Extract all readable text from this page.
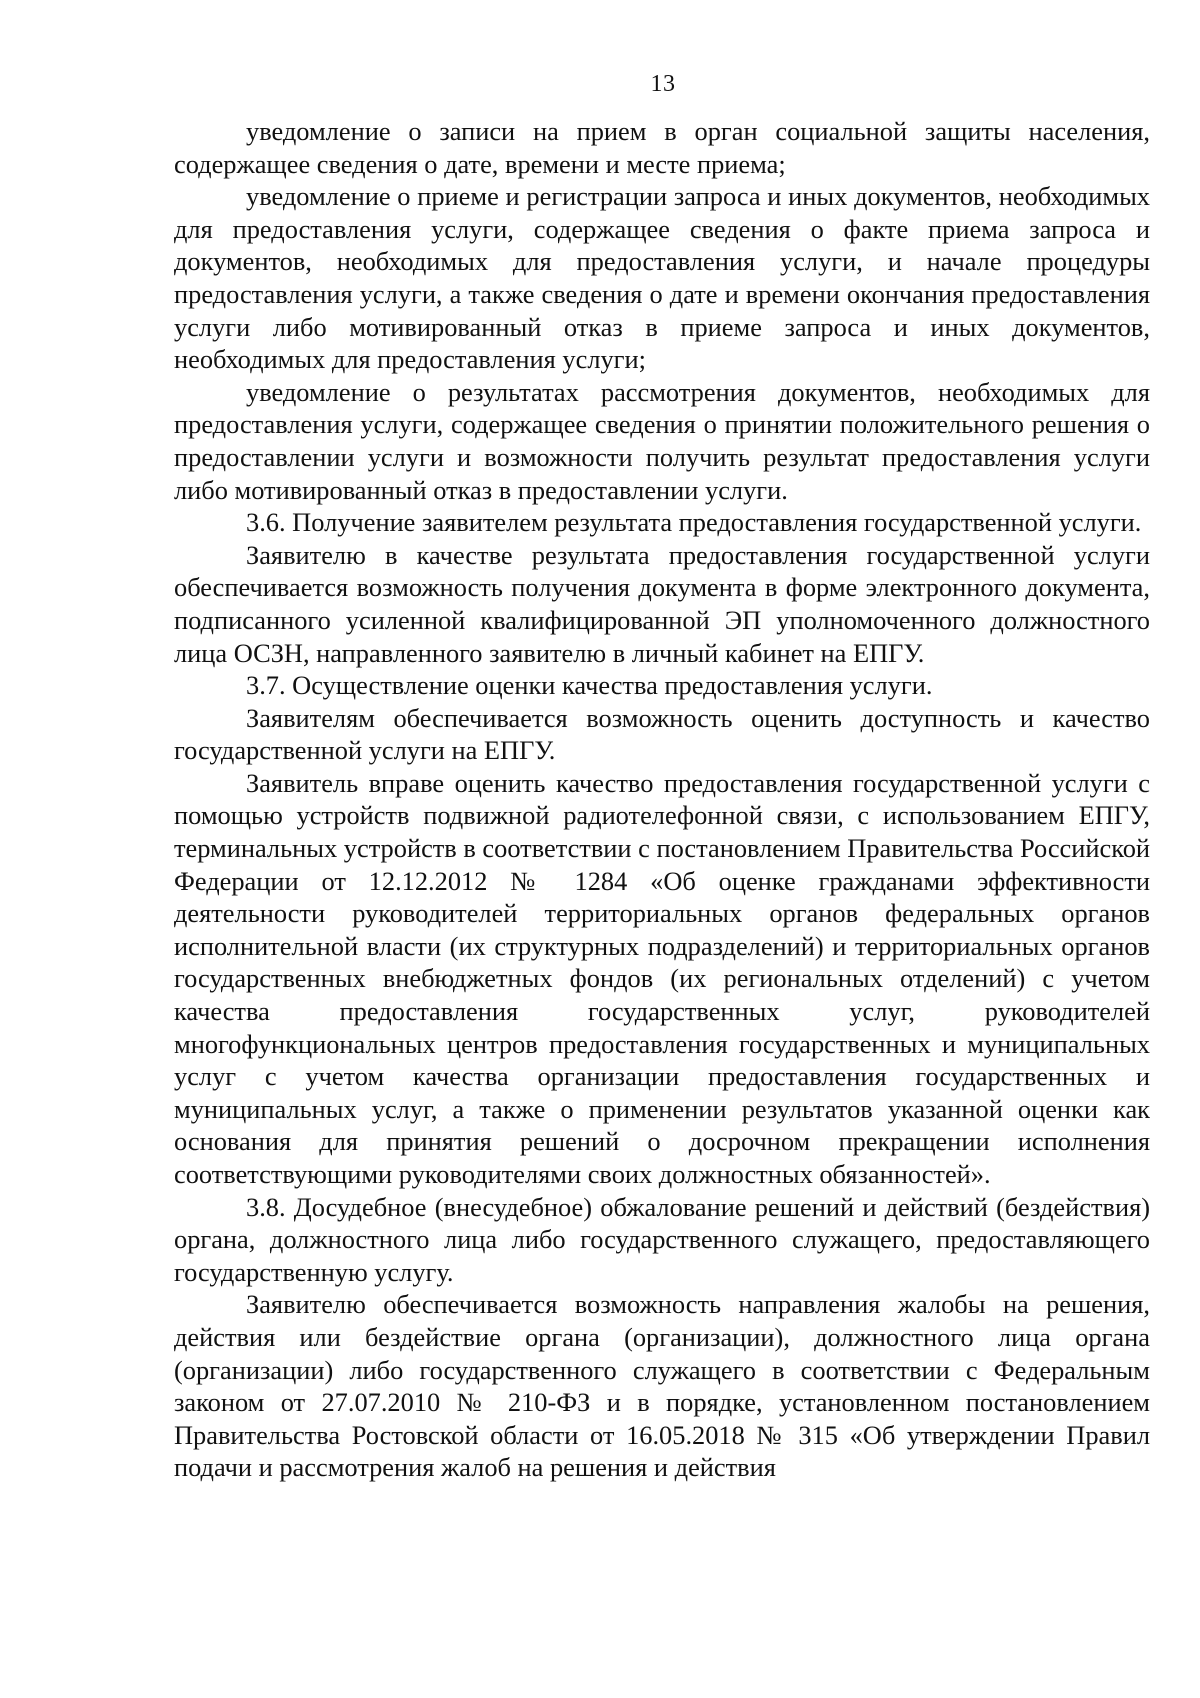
13

уведомление о записи на прием в орган социальной защиты населения, содержащее сведения о дате, времени и месте приема;

уведомление о приеме и регистрации запроса и иных документов, необходимых для предоставления услуги, содержащее сведения о факте приема запроса и документов, необходимых для предоставления услуги, и начале процедуры предоставления услуги, а также сведения о дате и времени окончания предоставления услуги либо мотивированный отказ в приеме запроса и иных документов, необходимых для предоставления услуги;

уведомление о результатах рассмотрения документов, необходимых для предоставления услуги, содержащее сведения о принятии положительного решения о предоставлении услуги и возможности получить результат предоставления услуги либо мотивированный отказ в предоставлении услуги.

3.6. Получение заявителем результата предоставления государственной услуги.

Заявителю в качестве результата предоставления государственной услуги обеспечивается возможность получения документа в форме электронного документа, подписанного усиленной квалифицированной ЭП уполномоченного должностного лица ОСЗН, направленного заявителю в личный кабинет на ЕПГУ.

3.7. Осуществление оценки качества предоставления услуги.

Заявителям обеспечивается возможность оценить доступность и качество государственной услуги на ЕПГУ.

Заявитель вправе оценить качество предоставления государственной услуги с помощью устройств подвижной радиотелефонной связи, с использованием ЕПГУ, терминальных устройств в соответствии с постановлением Правительства Российской Федерации от 12.12.2012 № 1284 «Об оценке гражданами эффективности деятельности руководителей территориальных органов федеральных органов исполнительной власти (их структурных подразделений) и территориальных органов государственных внебюджетных фондов (их региональных отделений) с учетом качества предоставления государственных услуг, руководителей многофункциональных центров предоставления государственных и муниципальных услуг с учетом качества организации предоставления государственных и муниципальных услуг, а также о применении результатов указанной оценки как основания для принятия решений о досрочном прекращении исполнения соответствующими руководителями своих должностных обязанностей».

3.8. Досудебное (внесудебное) обжалование решений и действий (бездействия) органа, должностного лица либо государственного служащего, предоставляющего государственную услугу.

Заявителю обеспечивается возможность направления жалобы на решения, действия или бездействие органа (организации), должностного лица органа (организации) либо государственного служащего в соответствии с Федеральным законом от 27.07.2010 № 210-ФЗ и в порядке, установленном постановлением Правительства Ростовской области от 16.05.2018 № 315 «Об утверждении Правил подачи и рассмотрения жалоб на решения и действия
